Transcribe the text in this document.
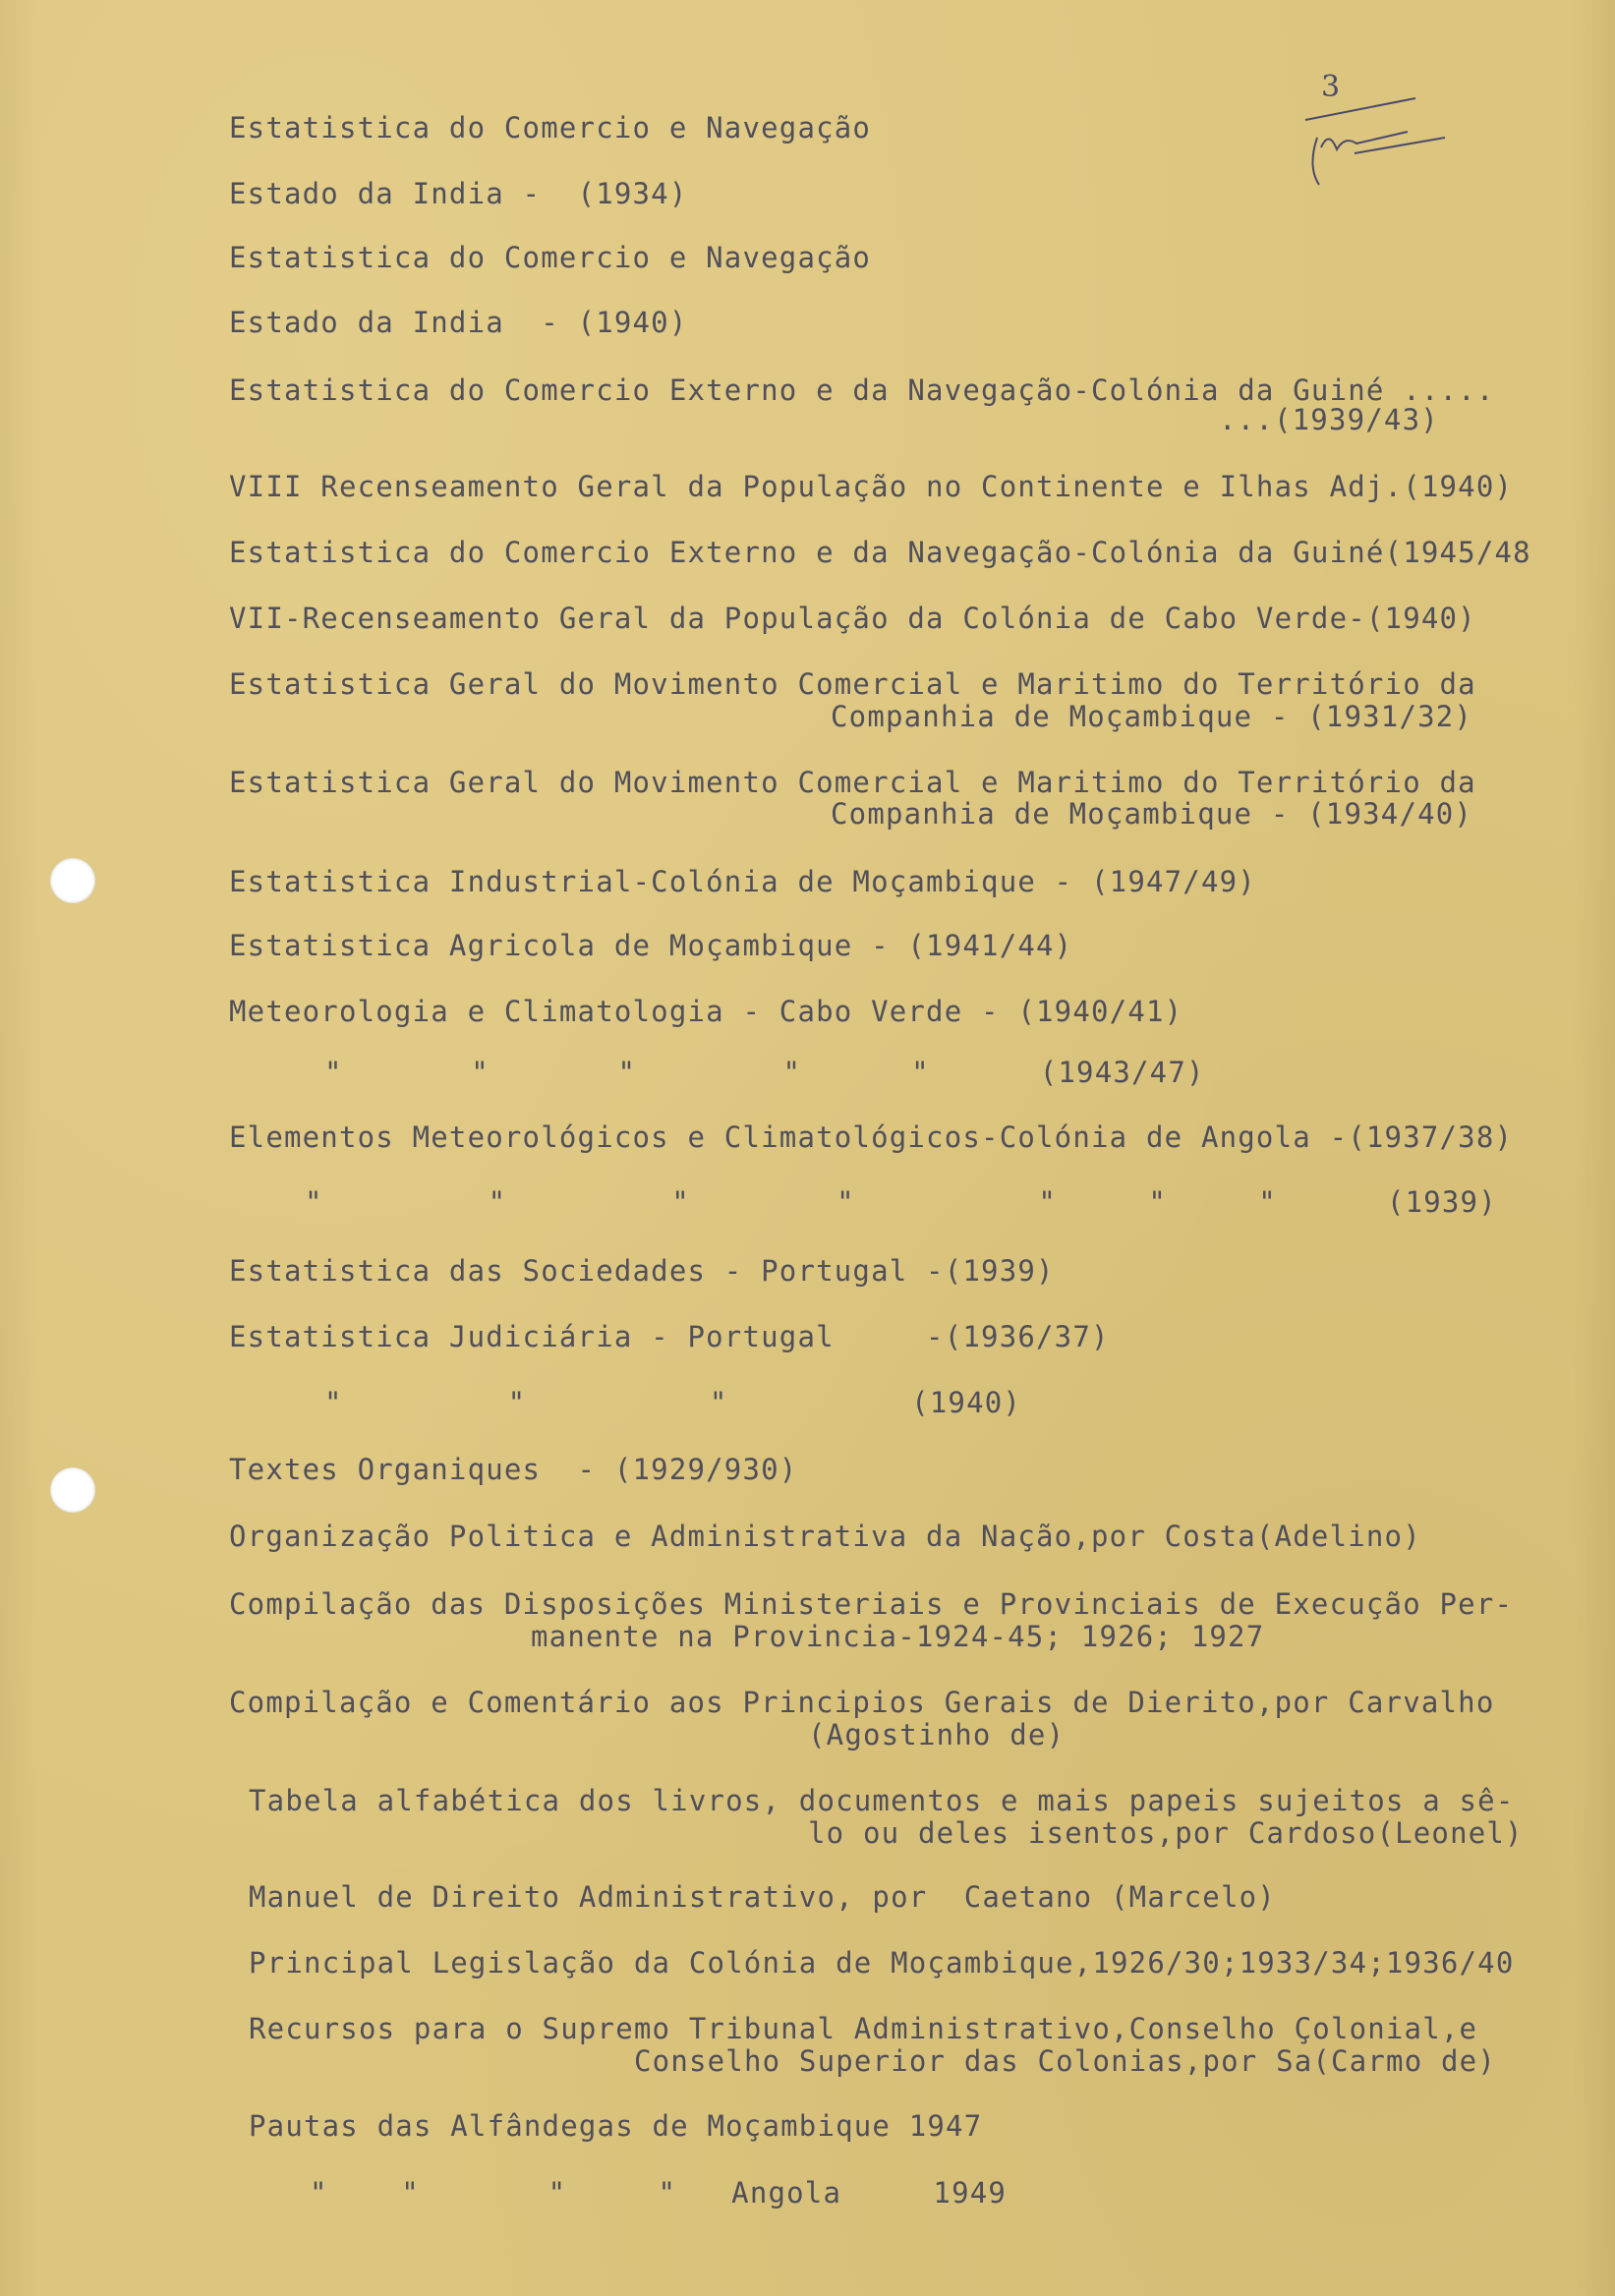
3
Estatistica do Comercio e Navegação
Estado da India -  (1934)
Estatistica do Comercio e Navegação
Estado da India  - (1940)
Estatistica do Comercio Externo e da Navegação-Colónia da Guiné .....
...(1939/43)
VIII Recenseamento Geral da População no Continente e Ilhas Adj.(1940)
Estatistica do Comercio Externo e da Navegação-Colónia da Guiné(1945/48
VII-Recenseamento Geral da População da Colónia de Cabo Verde-(1940)
Estatistica Geral do Movimento Comercial e Maritimo do Território da
Companhia de Moçambique - (1931/32)
Estatistica Geral do Movimento Comercial e Maritimo do Território da
Companhia de Moçambique - (1934/40)
Estatistica Industrial-Colónia de Moçambique - (1947/49)
Estatistica Agricola de Moçambique - (1941/44)
Meteorologia e Climatologia - Cabo Verde - (1940/41)
"       "       "        "      "      (1943/47)
Elementos Meteorológicos e Climatológicos-Colónia de Angola -(1937/38)
"         "         "        "          "     "     "      (1939)
Estatistica das Sociedades - Portugal -(1939)
Estatistica Judiciária - Portugal     -(1936/37)
"         "          "          (1940)
Textes Organiques  - (1929/930)
Organização Politica e Administrativa da Nação,por Costa(Adelino)
Compilação das Disposições Ministeriais e Provinciais de Execução Per-
manente na Provincia-1924-45; 1926; 1927
Compilação e Comentário aos Principios Gerais de Dierito,por Carvalho
(Agostinho de)
Tabela alfabética dos livros, documentos e mais papeis sujeitos a sê-
lo ou deles isentos,por Cardoso(Leonel)
Manuel de Direito Administrativo, por  Caetano (Marcelo)
Principal Legislação da Colónia de Moçambique,1926/30;1933/34;1936/40
Recursos para o Supremo Tribunal Administrativo,Conselho Çolonial,e
Conselho Superior das Colonias,por Sa(Carmo de)
Pautas das Alfândegas de Moçambique 1947
"    "       "     "   Angola     1949
